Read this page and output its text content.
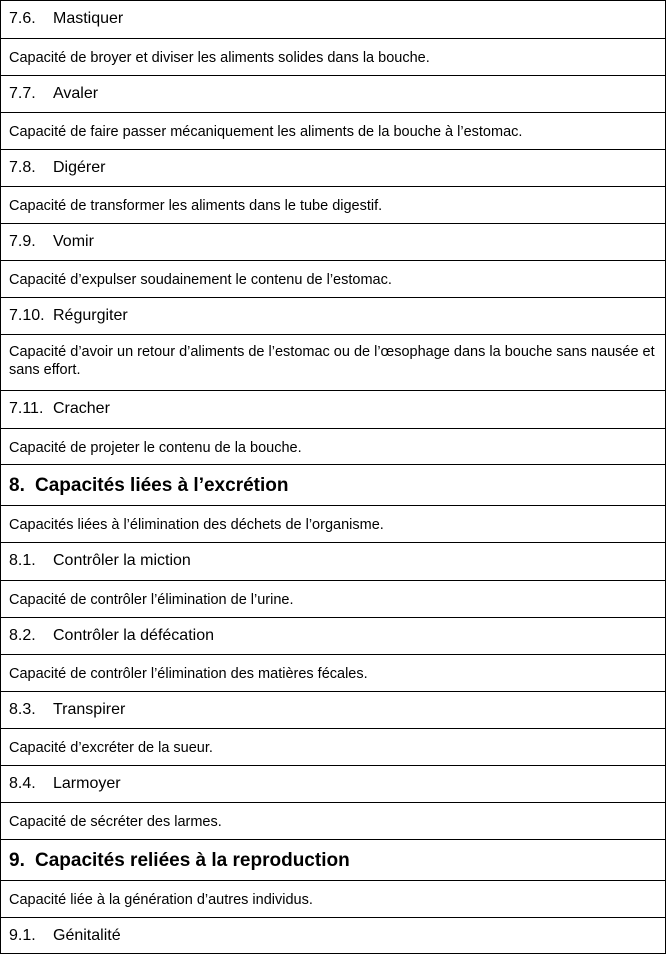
7.6. Mastiquer
Capacité de broyer et diviser les aliments solides dans la bouche.
7.7. Avaler
Capacité de faire passer mécaniquement les aliments de la bouche à l’estomac.
7.8. Digérer
Capacité de transformer les aliments dans le tube digestif.
7.9. Vomir
Capacité d’expulser soudainement le contenu de l’estomac.
7.10. Régurgiter
Capacité d’avoir un retour d’aliments de l’estomac ou de l’œsophage dans la bouche sans nausée et sans effort.
7.11. Cracher
Capacité de projeter le contenu de la bouche.
8. Capacités liées à l’excrétion
Capacités liées à l’élimination des déchets de l’organisme.
8.1. Contrôler la miction
Capacité de contrôler l’élimination de l’urine.
8.2. Contrôler la défécation
Capacité de contrôler l’élimination des matières fécales.
8.3. Transpirer
Capacité d’excréter de la sueur.
8.4. Larmoyer
Capacité de sécréter des larmes.
9. Capacités reliées à la reproduction
Capacité liée à la génération d’autres individus.
9.1. Génitalité
